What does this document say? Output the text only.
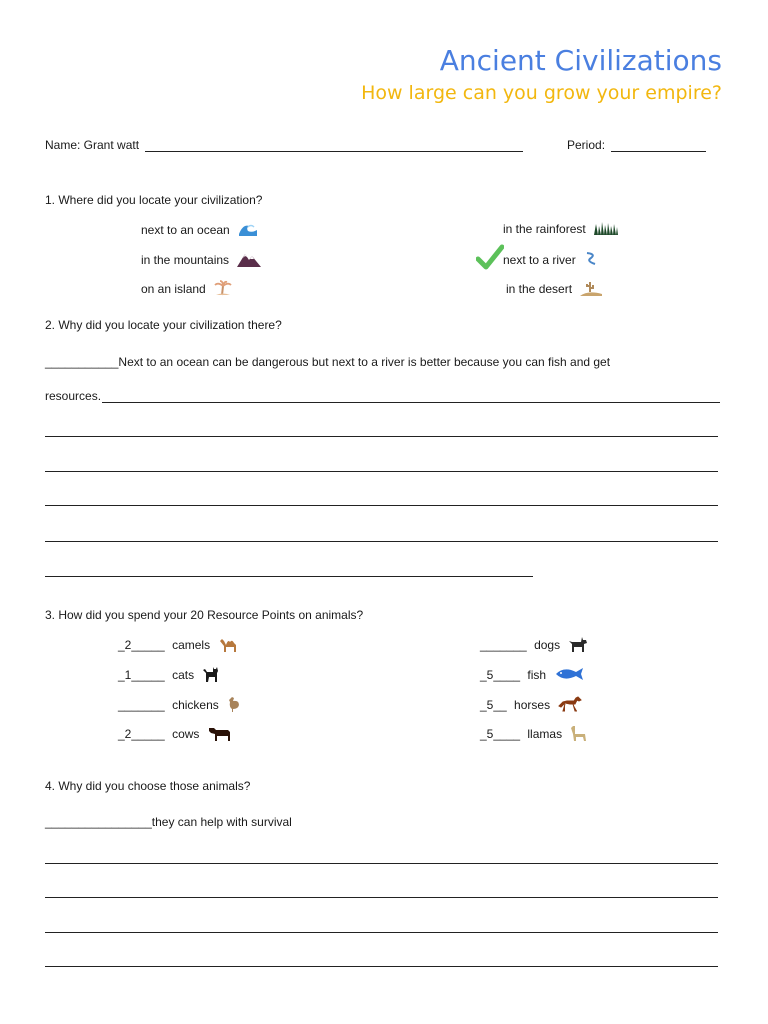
Ancient Civilizations
How large can you grow your empire?
Name: Grant watt	Period:
1. Where did you locate your civilization?
next to an ocean	in the rainforest
in the mountains	next to a river
on an island	in the desert
2. Why did you locate your civilization there?
___________Next to an ocean can be dangerous but next to a river is better because you can fish and get
resources.
3. How did you spend your 20 Resource Points on animals?
_2_____ camels	_______ dogs
_1_____ cats	_5____ fish
_______ chickens	_5__ horses
_2_____ cows	_5____ llamas
4. Why did you choose those animals?
________________they can help with survival
